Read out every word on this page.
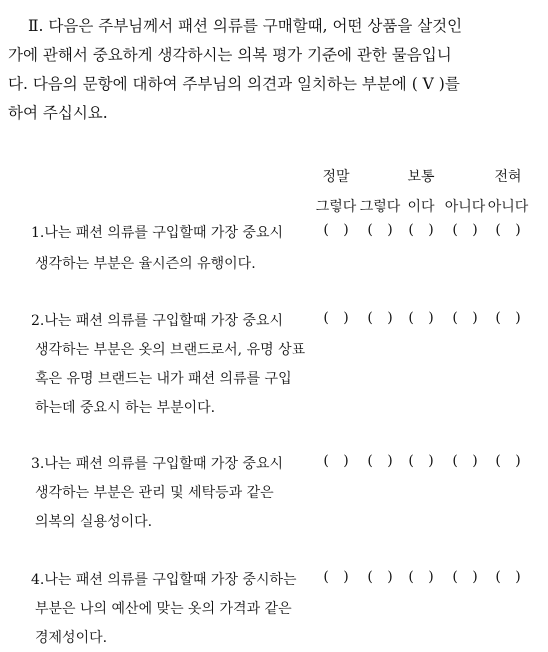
Ⅱ. 다음은 주부님께서 패션 의류를 구매할때, 어떤 상품을 살것인
가에 관해서 중요하게 생각하시는 의복 평가 기준에 관한 물음입니
다. 다음의 문항에 대하여 주부님의 의견과 일치하는 부분에 ( V )를
하여 주십시요.
정말	보통	전혀
그렇다 그렇다 이다 아니다 아니다
1.나는 패션 의류를 구입할때 가장 중요시
생각하는 부분은 율시즌의 유행이다.
( ) ( ) ( ) ( ) ( )
2.나는 패션 의류를 구입할때 가장 중요시
생각하는 부분은 옷의 브랜드로서, 유명 상표
혹은 유명 브랜드는 내가 패션 의류를 구입
하는데 중요시 하는 부분이다.
( ) ( ) ( ) ( ) ( )
3.나는 패션 의류를 구입할때 가장 중요시
생각하는 부분은 관리 및 세탁등과 같은
의복의 실용성이다.
( ) ( ) ( ) ( ) ( )
4.나는 패션 의류를 구입할때 가장 중시하는
부분은 나의 예산에 맞는 옷의 가격과 같은
경제성이다.
( ) ( ) ( ) ( ) ( )
